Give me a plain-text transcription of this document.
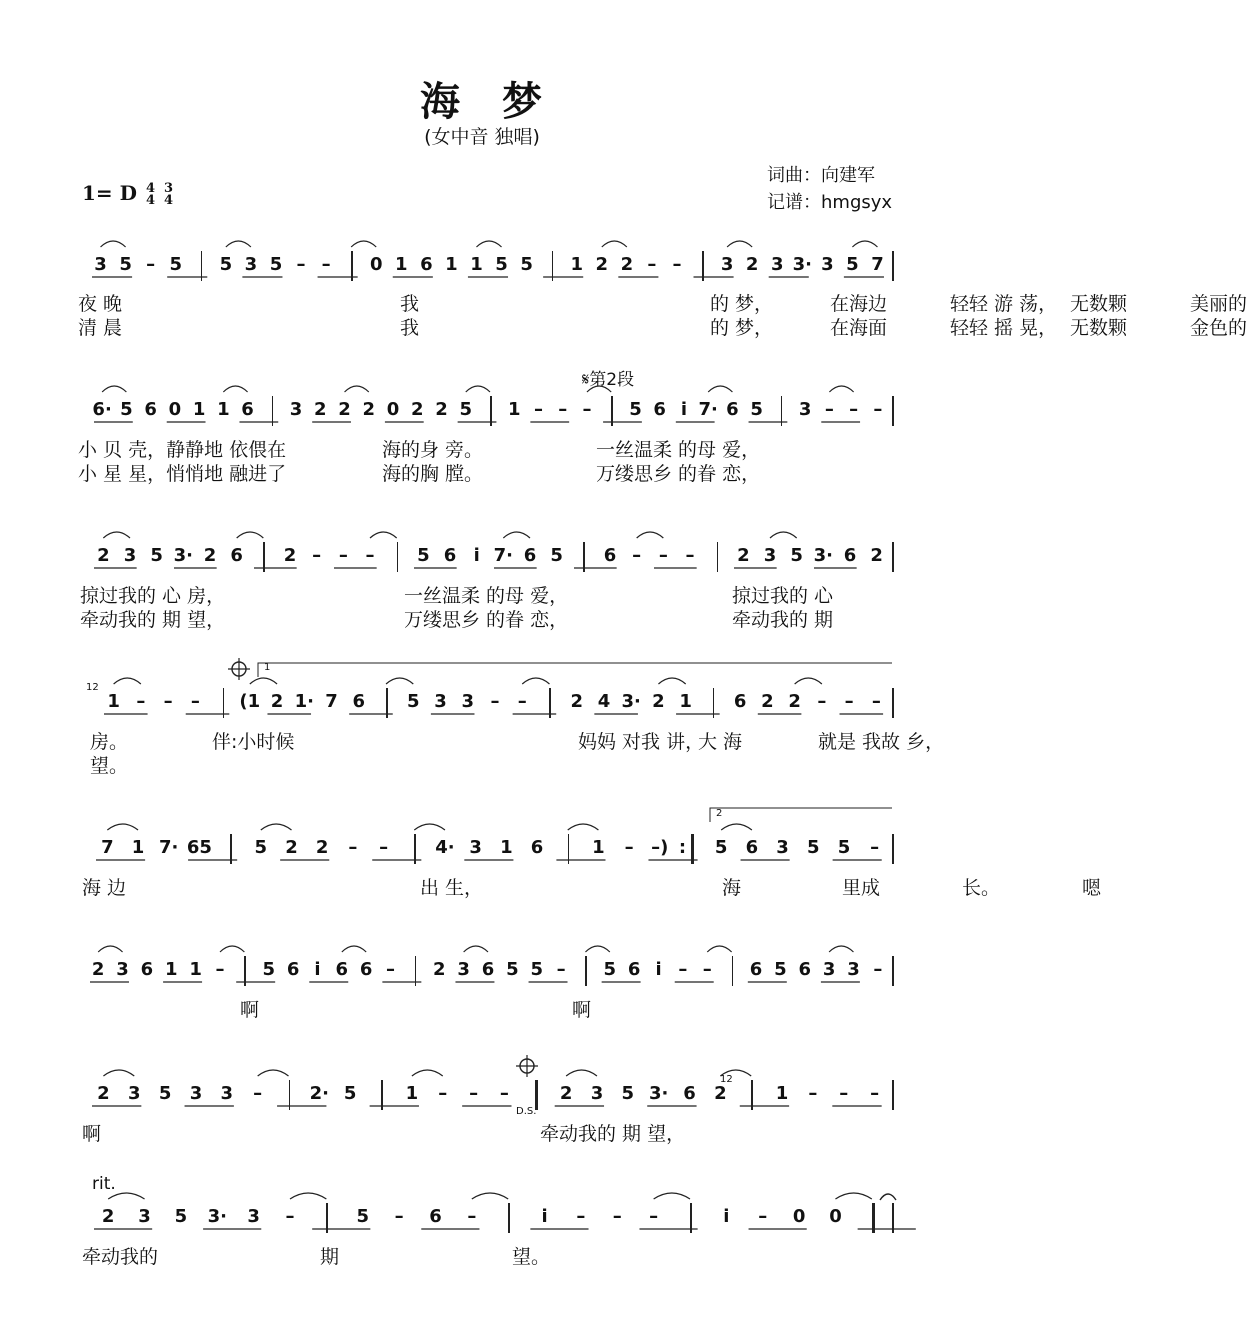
海 梦
(女中音 独唱)
词曲：向建军
记谱：hmgsyx
1= D 4
4

3
4
3 5 – 5 5 3 5 – – 0 1 6 1 1 5 5 1 2 2 – – 3 2 3 3· 3 5 7
夜 晚	我	的 梦，	在海边	轻轻 游 荡， 无数颗	美丽的
清 晨	我	的 梦，	在海面	轻轻 摇 晃， 无数颗	金色的
6· 5 6 0 1 1 6 3 2 2 2 0 2 2 5 1 – – – 5 6 i 7· 6 5 3 – – –
小 贝 壳，静静地 依偎在	海的身 旁。	一丝温柔 的母 爱，
小 星 星，悄悄地 融进了	海的胸 膛。	万缕思乡 的眷 恋，
2 3 5 3· 2 6 2 – – – 5 6 i 7· 6 5 6 – – – 2 3 5 3· 6 2
掠过我的 心 房，	一丝温柔 的母 爱，	掠过我的 心
牵动我的 期 望，	万缕思乡 的眷 恋，	牵动我的 期
1 – – – (1 2 1· 7 6 5 3 3 – – 2 4 3· 2 1 6 2 2 – – –
房。	伴:小时候	妈妈 对我 讲，
大 海	就是 我故 乡，
望。
7 1 7· 65 5 2 2 – –	4· 3 1 6	1 – –) : 5 6 3 5 5 –
海 边	出 生，	海	里成	长。	嗯
2 3 6 1 1 – 5 6 i 6 6 – 2 3 6 5 5 – 5 6 i – – 6 5 6 3 3 –
啊	啊
2 3 5 3 3 –	2· 5	1 – – –	2 3 5 3· 6 2	1 – – –
啊	牵动我的 期 望，
2 3 5 3· 3 –	5 – 6 –	i – – –	i – 0 0
牵动我的	期	望。
𝄋第2段
rit.
D.S.
12
12
1
2
